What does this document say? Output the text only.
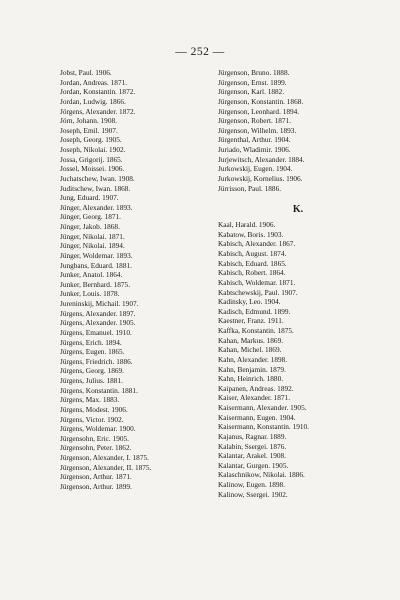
— 252 —
Jobst, Paul. 1906.
Jordan, Andreas. 1871.
Jordan, Konstantin. 1872.
Jordan, Ludwig. 1866.
Jörgens, Alexander. 1872.
Jörn, Johann. 1908.
Joseph, Emil. 1907.
Joseph, Georg. 1905.
Joseph, Nikolai. 1902.
Jossa, Grigorij. 1865.
Jossel, Moissei. 1906.
Juchatschew, Iwan. 1908.
Juditschew, Iwan. 1868.
Jung, Eduard. 1907.
Jünger, Alexander. 1893.
Jünger, Georg. 1871.
Jünger, Jakob. 1868.
Jünger, Nikolai. 1871.
Jünger, Nikolai. 1894.
Jünger, Woldemar. 1893.
Jungbans, Eduard. 1881.
Junker, Anatol. 1864.
Junker, Bernhard. 1875.
Junker, Louis. 1878.
Jureninskij, Michail. 1907.
Jürgens, Alexander. 1897.
Jürgens, Alexander. 1905.
Jürgens, Emanuel. 1910.
Jürgens, Erich. 1894.
Jürgens, Eugen. 1865.
Jürgens, Friedrich. 1886.
Jürgens, Georg. 1869.
Jürgens, Julius. 1881.
Jürgens, Konstantin. 1881.
Jürgens, Max. 1883.
Jürgens, Modest. 1906.
Jürgens, Victor. 1902.
Jürgens, Woldemar. 1900.
Jürgensohn, Eric. 1905.
Jürgensohn, Peter. 1862.
Jürgenson, Alexander, I. 1875.
Jürgenson, Alexander, II. 1875.
Jürgenson, Arthur. 1871.
Jürgenson, Arthur. 1899.
Jürgenson, Bruno. 1888.
Jürgenson, Ernst. 1899.
Jürgenson, Karl. 1882.
Jürgenson, Konstantin. 1868.
Jürgenson, Leonhard. 1894.
Jürgenson, Robert. 1871.
Jürgenson, Wilhelm. 1893.
Jürgenthal, Arthur. 1904.
Juriado, Wladimir. 1906.
Jurjewitsch, Alexander. 1884.
Jurkowskij, Eugen. 1904.
Jurkowskij, Kornelius. 1906.
Jürrisson, Paul. 1886.
K.
Kaal, Harald. 1906.
Kabatow, Boris. 1903.
Kabisch, Alexander. 1867.
Kabisch, August. 1874.
Kabisch, Eduard. 1865.
Kabisch, Robert. 1864.
Kabisch, Woldemar. 1871.
Kabtschewskij, Paul. 1907.
Kadinsky, Leo. 1904.
Kadisch, Edmund. 1899.
Kaestner, Franz. 1911.
Kaffka, Konstantin. 1875.
Kahan, Markus. 1869.
Kahan, Michel. 1869.
Kahn, Alexander. 1898.
Kahn, Benjamin. 1879.
Kahn, Heinrich. 1880.
Kaipanen, Andreas. 1892.
Kaiser, Alexander. 1871.
Kaisermann, Alexander. 1905.
Kaisermann, Eugen. 1904.
Kaisermann, Konstantin. 1910.
Kajanus, Ragnar. 1889.
Kalabin, Ssergei. 1876.
Kalantar, Arakel. 1908.
Kalantar, Gurgen. 1905.
Kalaschnikow, Nikolai. 1886.
Kalinow, Eugen. 1898.
Kalinow, Ssergei. 1902.
